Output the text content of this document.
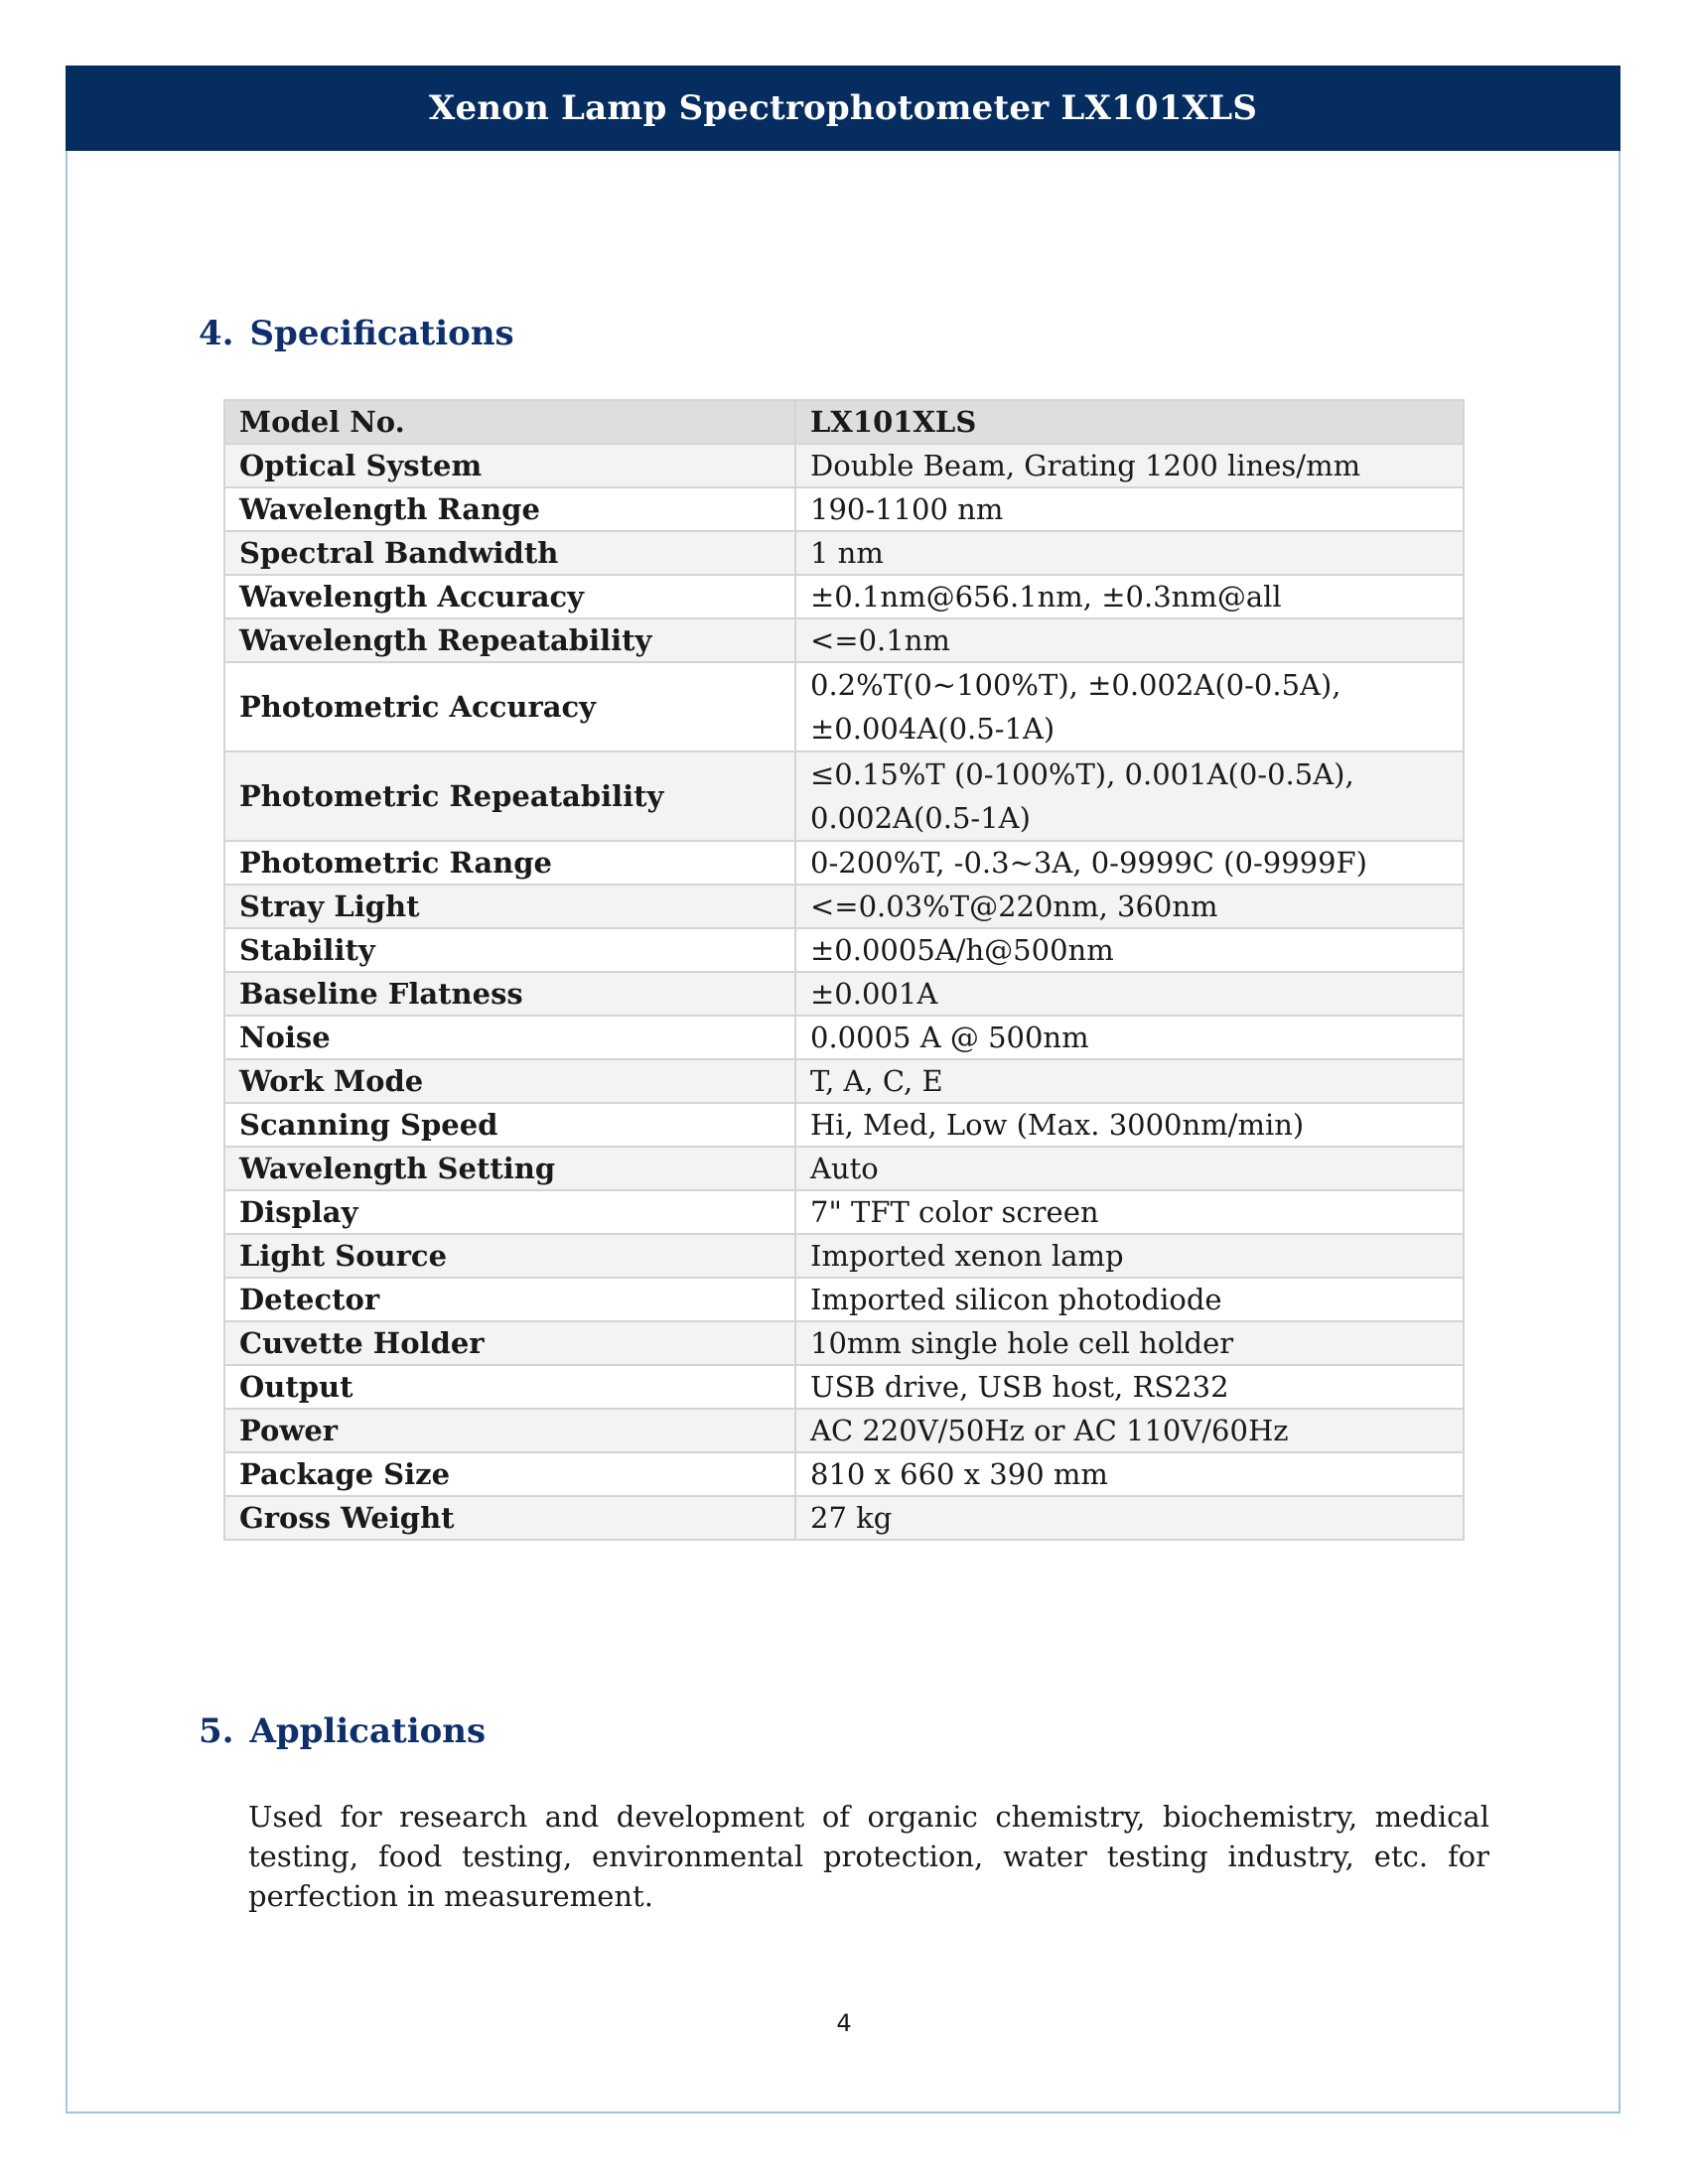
Xenon Lamp Spectrophotometer LX101XLS
4. Specifications
Model No.	LX101XLS
Optical System	Double Beam, Grating 1200 lines/mm
Wavelength Range	190-1100 nm
Spectral Bandwidth	1 nm
Wavelength Accuracy	±0.1nm@656.1nm, ±0.3nm@all
Wavelength Repeatability	<=0.1nm
Photometric Accuracy	0.2%T(0~100%T), ±0.002A(0-0.5A), ±0.004A(0.5-1A)
Photometric Repeatability	≤0.15%T (0-100%T), 0.001A(0-0.5A), 0.002A(0.5-1A)
Photometric Range	0-200%T, -0.3~3A, 0-9999C (0-9999F)
Stray Light	<=0.03%T@220nm, 360nm
Stability	±0.0005A/h@500nm
Baseline Flatness	±0.001A
Noise	0.0005 A @ 500nm
Work Mode	T, A, C, E
Scanning Speed	Hi, Med, Low (Max. 3000nm/min)
Wavelength Setting	Auto
Display	7" TFT color screen
Light Source	Imported xenon lamp
Detector	Imported silicon photodiode
Cuvette Holder	10mm single hole cell holder
Output	USB drive, USB host, RS232
Power	AC 220V/50Hz or AC 110V/60Hz
Package Size	810 x 660 x 390 mm
Gross Weight	27 kg
5. Applications
Used for research and development of organic chemistry, biochemistry, medical testing, food testing, environmental protection, water testing industry, etc. for perfection in measurement.
4
